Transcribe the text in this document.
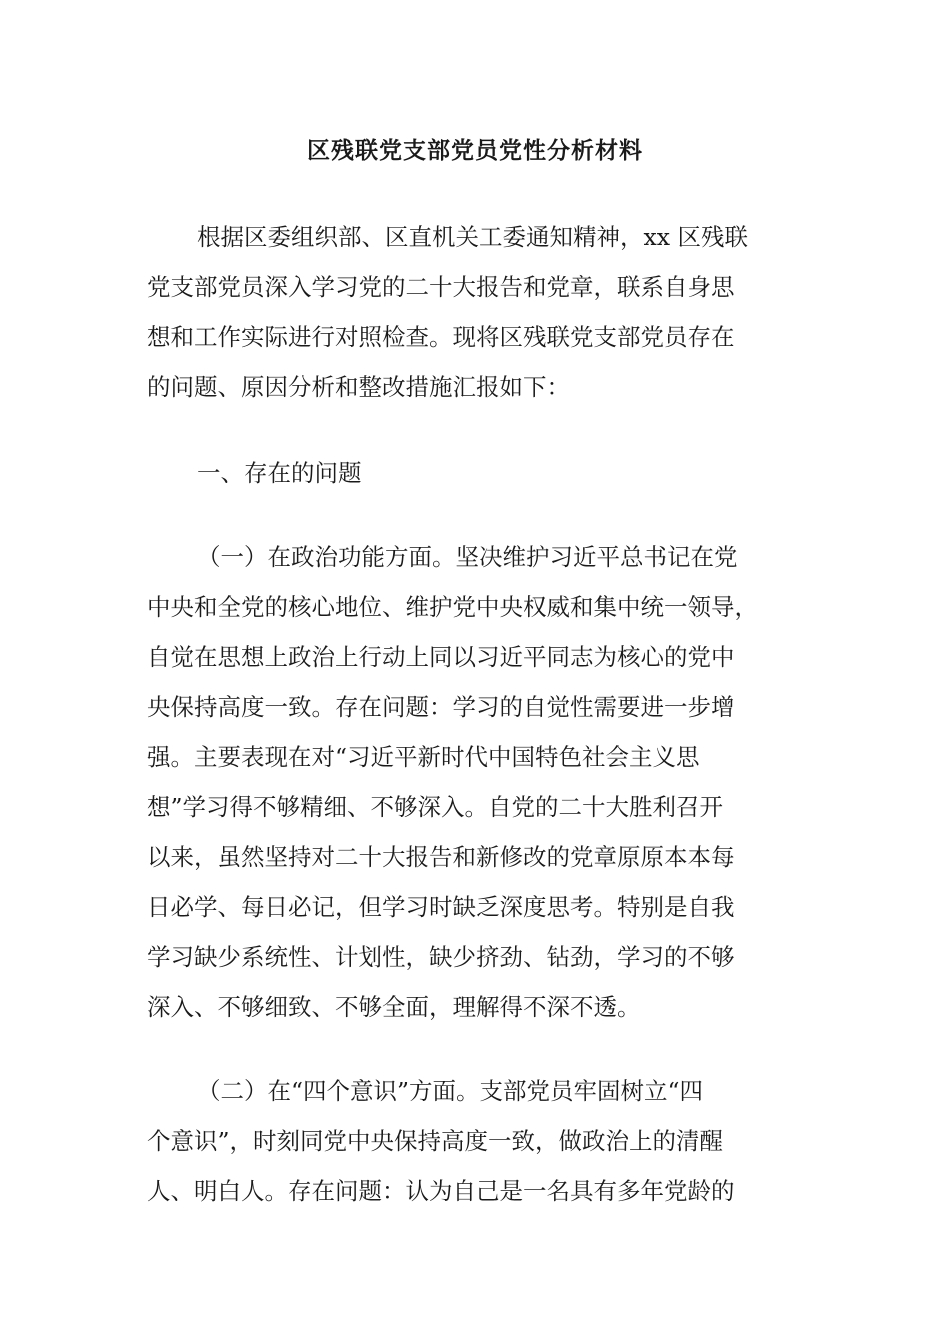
区残联党支部党员党性分析材料
根据区委组织部、区直机关工委通知精神，xx 区残联
党支部党员深入学习党的二十大报告和党章，联系自身思
想和工作实际进行对照检查。现将区残联党支部党员存在
的问题、原因分析和整改措施汇报如下：
一、存在的问题
（一）在政治功能方面。坚决维护习近平总书记在党
中央和全党的核心地位、维护党中央权威和集中统一领导，
自觉在思想上政治上行动上同以习近平同志为核心的党中
央保持高度一致。存在问题：学习的自觉性需要进一步增
强。主要表现在对“习近平新时代中国特色社会主义思
想”学习得不够精细、不够深入。自党的二十大胜利召开
以来，虽然坚持对二十大报告和新修改的党章原原本本每
日必学、每日必记，但学习时缺乏深度思考。特别是自我
学习缺少系统性、计划性，缺少挤劲、钻劲，学习的不够
深入、不够细致、不够全面，理解得不深不透。
（二）在“四个意识”方面。支部党员牢固树立“四
个意识”，时刻同党中央保持高度一致，做政治上的清醒
人、明白人。存在问题：认为自己是一名具有多年党龄的
